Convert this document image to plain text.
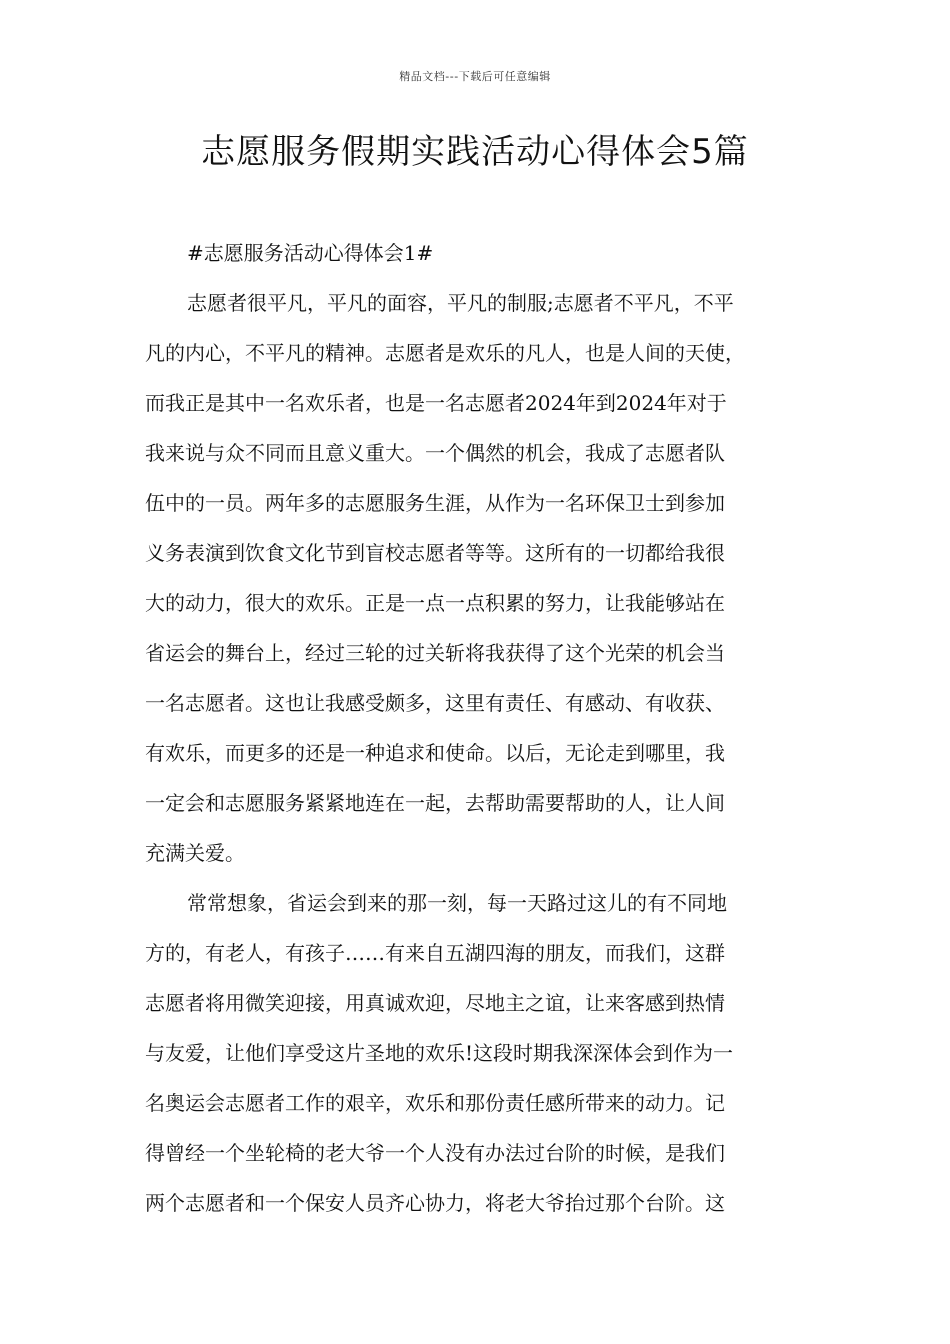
精品文档---下载后可任意编辑
志愿服务假期实践活动心得体会5篇
#志愿服务活动心得体会1#

志愿者很平凡，平凡的面容，平凡的制服;志愿者不平凡，不平
凡的内心，不平凡的精神。志愿者是欢乐的凡人，也是人间的天使，
而我正是其中一名欢乐者，也是一名志愿者2024年到2024年对于
我来说与众不同而且意义重大。一个偶然的机会，我成了志愿者队
伍中的一员。两年多的志愿服务生涯，从作为一名环保卫士到参加
义务表演到饮食文化节到盲校志愿者等等。这所有的一切都给我很
大的动力，很大的欢乐。正是一点一点积累的努力，让我能够站在
省运会的舞台上，经过三轮的过关斩将我获得了这个光荣的机会当
一名志愿者。这也让我感受颇多，这里有责任、有感动、有收获、
有欢乐，而更多的还是一种追求和使命。以后，无论走到哪里，我
一定会和志愿服务紧紧地连在一起，去帮助需要帮助的人，让人间
充满关爱。

常常想象，省运会到来的那一刻，每一天路过这儿的有不同地
方的，有老人，有孩子……有来自五湖四海的朋友，而我们，这群
志愿者将用微笑迎接，用真诚欢迎，尽地主之谊，让来客感到热情
与友爱，让他们享受这片圣地的欢乐!这段时期我深深体会到作为一
名奥运会志愿者工作的艰辛，欢乐和那份责任感所带来的动力。记
得曾经一个坐轮椅的老大爷一个人没有办法过台阶的时候，是我们
两个志愿者和一个保安人员齐心协力，将老大爷抬过那个台阶。这
